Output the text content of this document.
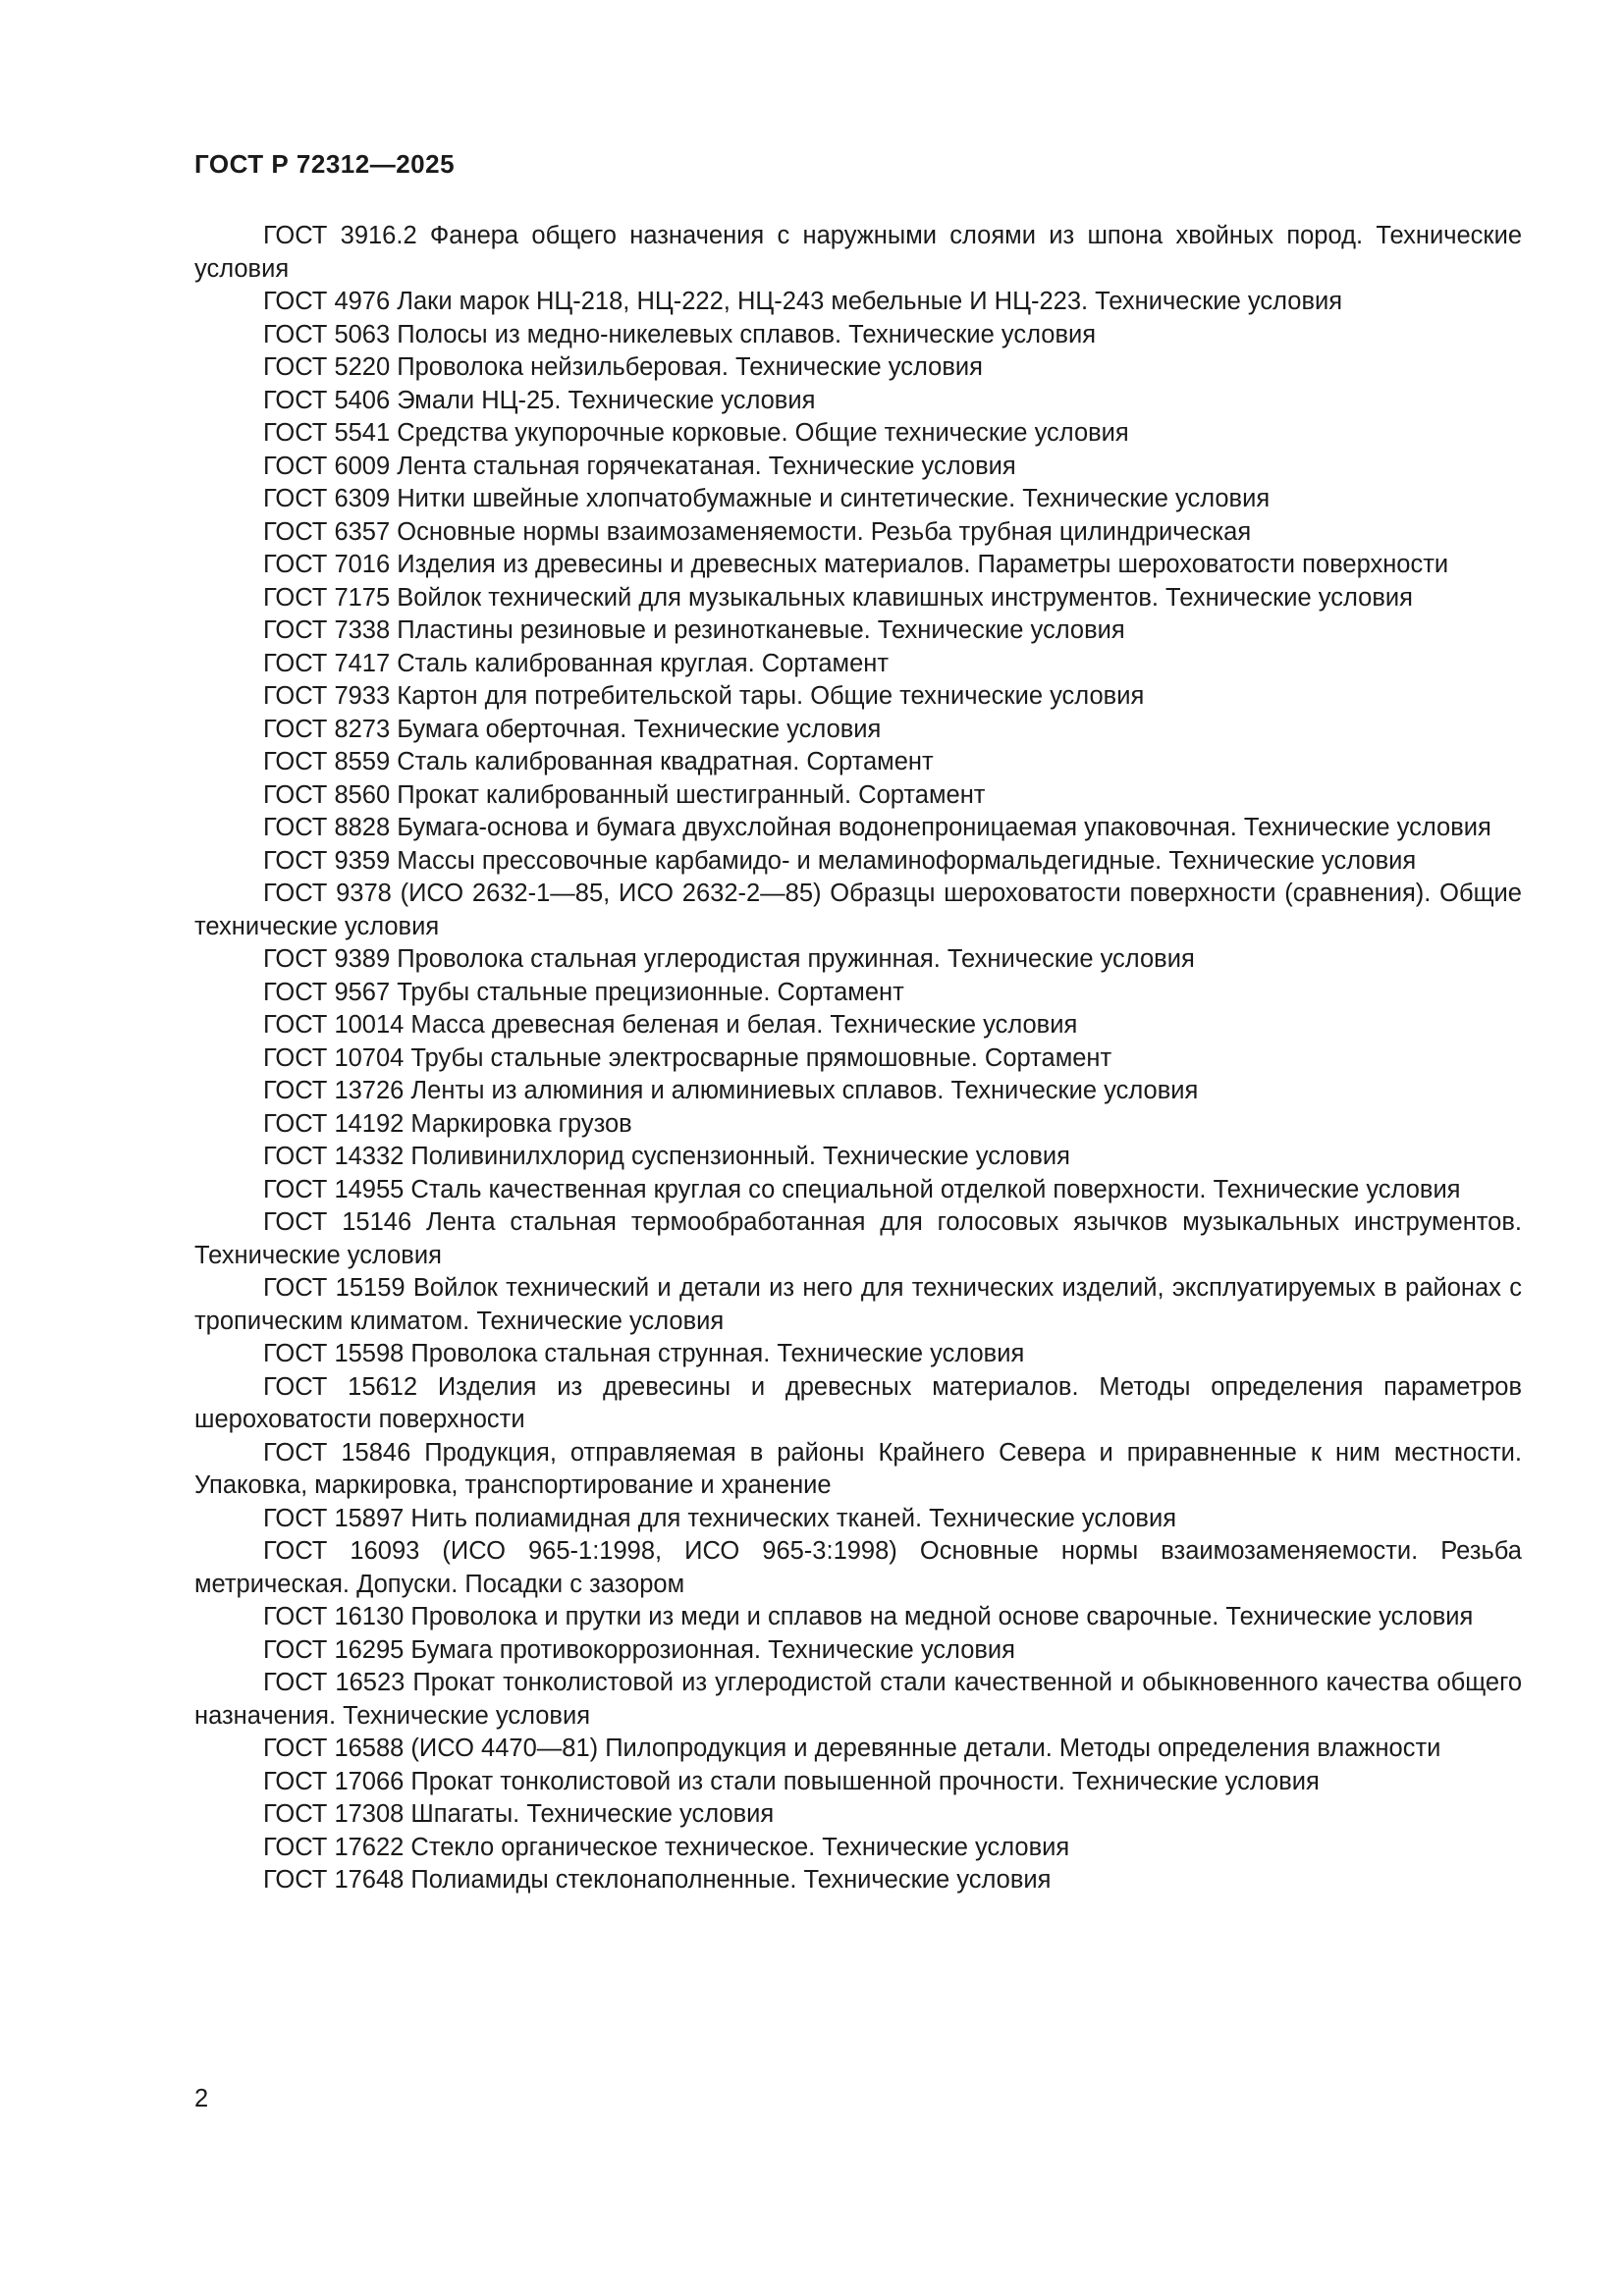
ГОСТ Р 72312—2025

ГОСТ 3916.2 Фанера общего назначения с наружными слоями из шпона хвойных пород. Технические условия

ГОСТ 4976 Лаки марок НЦ-218, НЦ-222, НЦ-243 мебельные И НЦ-223. Технические условия

ГОСТ 5063 Полосы из медно-никелевых сплавов. Технические условия

ГОСТ 5220 Проволока нейзильберовая. Технические условия

ГОСТ 5406 Эмали НЦ-25. Технические условия

ГОСТ 5541 Средства укупорочные корковые. Общие технические условия

ГОСТ 6009 Лента стальная горячекатаная. Технические условия

ГОСТ 6309 Нитки швейные хлопчатобумажные и синтетические. Технические условия

ГОСТ 6357 Основные нормы взаимозаменяемости. Резьба трубная цилиндрическая

ГОСТ 7016 Изделия из древесины и древесных материалов. Параметры шероховатости поверхности

ГОСТ 7175 Войлок технический для музыкальных клавишных инструментов. Технические условия

ГОСТ 7338 Пластины резиновые и резинотканевые. Технические условия

ГОСТ 7417 Сталь калиброванная круглая. Сортамент

ГОСТ 7933 Картон для потребительской тары. Общие технические условия

ГОСТ 8273 Бумага оберточная. Технические условия

ГОСТ 8559 Сталь калиброванная квадратная. Сортамент

ГОСТ 8560 Прокат калиброванный шестигранный. Сортамент

ГОСТ 8828 Бумага-основа и бумага двухслойная водонепроницаемая упаковочная. Технические условия

ГОСТ 9359 Массы прессовочные карбамидо- и меламиноформальдегидные. Технические условия

ГОСТ 9378 (ИСО 2632-1—85, ИСО 2632-2—85) Образцы шероховатости поверхности (сравнения). Общие технические условия

ГОСТ 9389 Проволока стальная углеродистая пружинная. Технические условия

ГОСТ 9567 Трубы стальные прецизионные. Сортамент

ГОСТ 10014 Масса древесная беленая и белая. Технические условия

ГОСТ 10704 Трубы стальные электросварные прямошовные. Сортамент

ГОСТ 13726 Ленты из алюминия и алюминиевых сплавов. Технические условия

ГОСТ 14192 Маркировка грузов

ГОСТ 14332 Поливинилхлорид суспензионный. Технические условия

ГОСТ 14955 Сталь качественная круглая со специальной отделкой поверхности. Технические условия

ГОСТ 15146 Лента стальная термообработанная для голосовых язычков музыкальных инструментов. Технические условия

ГОСТ 15159 Войлок технический и детали из него для технических изделий, эксплуатируемых в районах с тропическим климатом. Технические условия

ГОСТ 15598 Проволока стальная струнная. Технические условия

ГОСТ 15612 Изделия из древесины и древесных материалов. Методы определения параметров шероховатости поверхности

ГОСТ 15846 Продукция, отправляемая в районы Крайнего Севера и приравненные к ним местности. Упаковка, маркировка, транспортирование и хранение

ГОСТ 15897 Нить полиамидная для технических тканей. Технические условия

ГОСТ 16093 (ИСО 965-1:1998, ИСО 965-3:1998) Основные нормы взаимозаменяемости. Резьба метрическая. Допуски. Посадки с зазором

ГОСТ 16130 Проволока и прутки из меди и сплавов на медной основе сварочные. Технические условия

ГОСТ 16295 Бумага противокоррозионная. Технические условия

ГОСТ 16523 Прокат тонколистовой из углеродистой стали качественной и обыкновенного качества общего назначения. Технические условия

ГОСТ 16588 (ИСО 4470—81) Пилопродукция и деревянные детали. Методы определения влажности

ГОСТ 17066 Прокат тонколистовой из стали повышенной прочности. Технические условия

ГОСТ 17308 Шпагаты. Технические условия

ГОСТ 17622 Стекло органическое техническое. Технические условия

ГОСТ 17648 Полиамиды стеклонаполненные. Технические условия

2
